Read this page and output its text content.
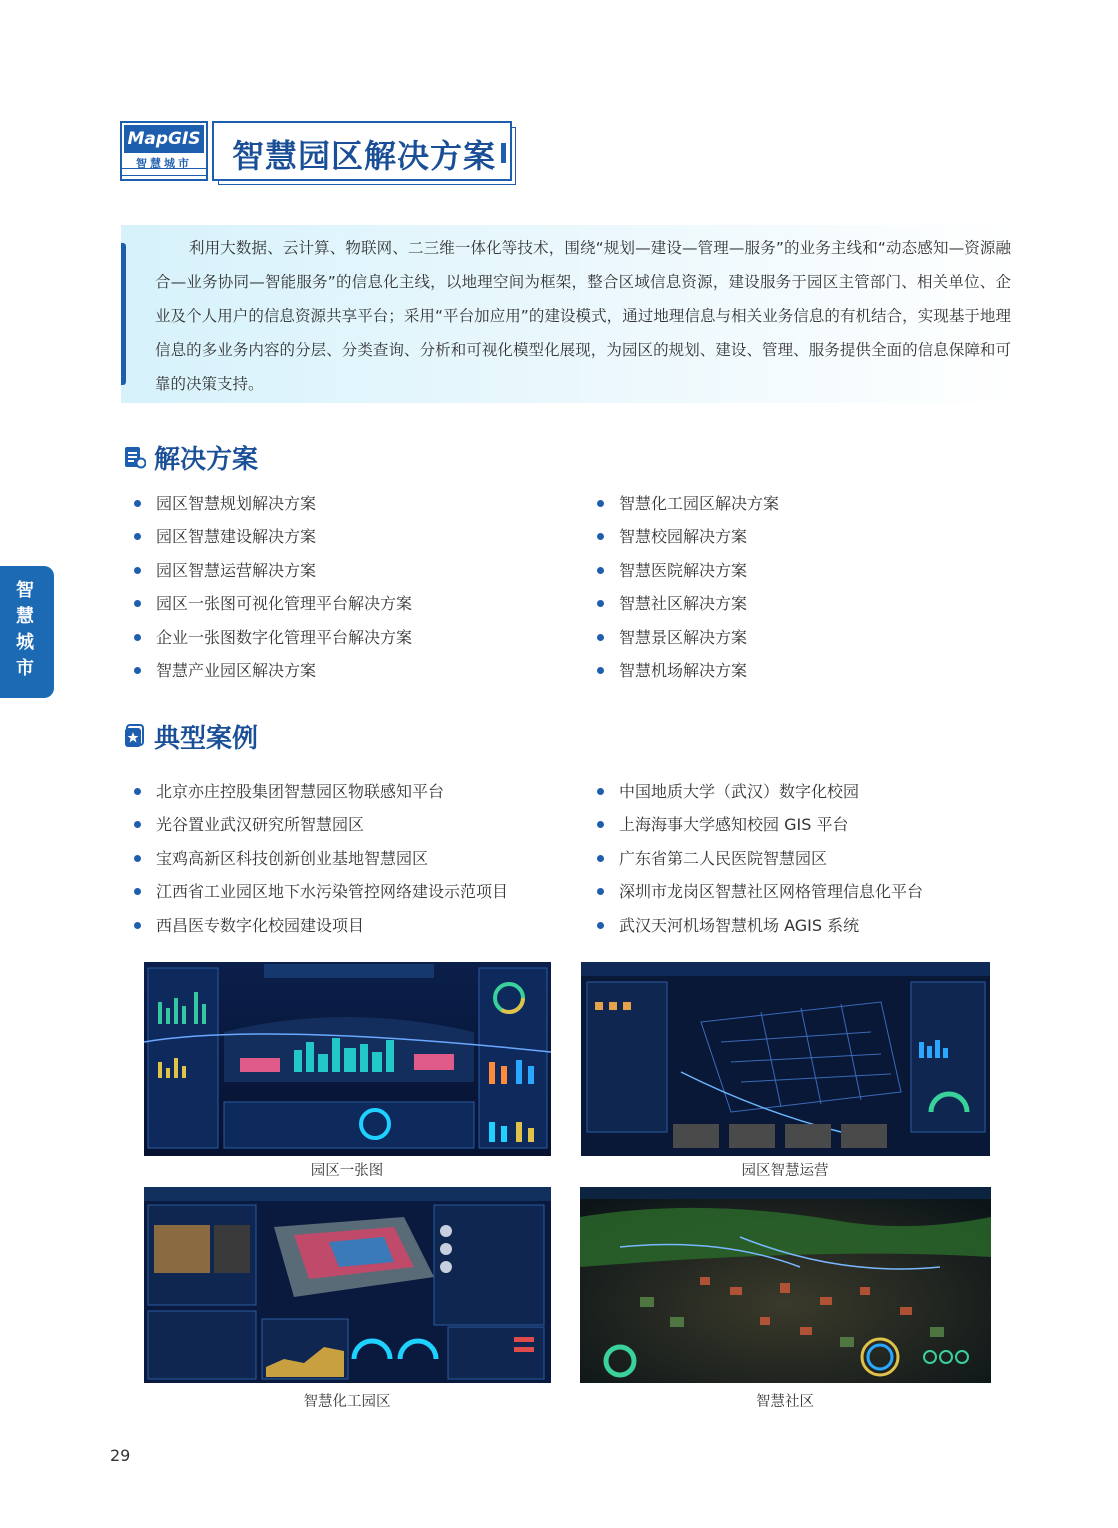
MapGIS
智慧城市	智慧园区解决方案
利用大数据、云计算、物联网、二三维一体化等技术，围绕“规划—建设—管理—服务”的业务主线和“动态感知—资源融合—业务协同—智能服务”的信息化主线，以地理空间为框架，整合区域信息资源，建设服务于园区主管部门、相关单位、企业及个人用户的信息资源共享平台；采用“平台加应用”的建设模式，通过地理信息与相关业务信息的有机结合，实现基于地理信息的多业务内容的分层、分类查询、分析和可视化模型化展现，为园区的规划、建设、管理、服务提供全面的信息保障和可靠的决策支持。
解决方案
园区智慧规划解决方案
园区智慧建设解决方案
园区智慧运营解决方案
园区一张图可视化管理平台解决方案
企业一张图数字化管理平台解决方案
智慧产业园区解决方案
智慧化工园区解决方案
智慧校园解决方案
智慧医院解决方案
智慧社区解决方案
智慧景区解决方案
智慧机场解决方案
智慧城市
典型案例
北京亦庄控股集团智慧园区物联感知平台
光谷置业武汉研究所智慧园区
宝鸡高新区科技创新创业基地智慧园区
江西省工业园区地下水污染管控网络建设示范项目
西昌医专数字化校园建设项目
中国地质大学（武汉）数字化校园
上海海事大学感知校园 GIS 平台
广东省第二人民医院智慧园区
深圳市龙岗区智慧社区网格管理信息化平台
武汉天河机场智慧机场 AGIS 系统
园区一张图	园区智慧运营
智慧化工园区	智慧社区
29
